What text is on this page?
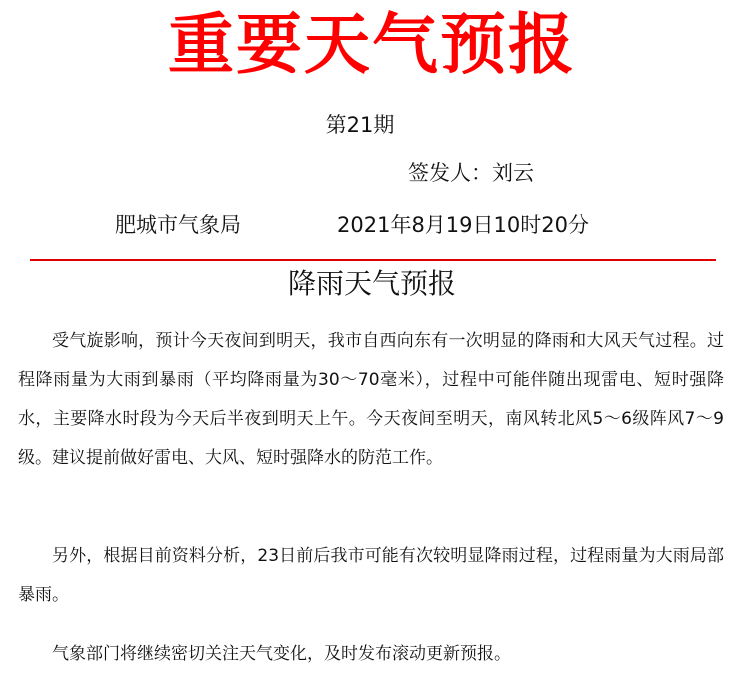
重要天气预报
第21期
签发人：刘云
肥城市气象局	2021年8月19日10时20分
降雨天气预报

受气旋影响，预计今天夜间到明天，我市自西向东有一次明显的降雨和大风天气过程。过程降雨量为大雨到暴雨（平均降雨量为30～70毫米），过程中可能伴随出现雷电、短时强降水，主要降水时段为今天后半夜到明天上午。今天夜间至明天，南风转北风5～6级阵风7～9级。建议提前做好雷电、大风、短时强降水的防范工作。

另外，根据目前资料分析，23日前后我市可能有次较明显降雨过程，过程雨量为大雨局部暴雨。

气象部门将继续密切关注天气变化，及时发布滚动更新预报。
